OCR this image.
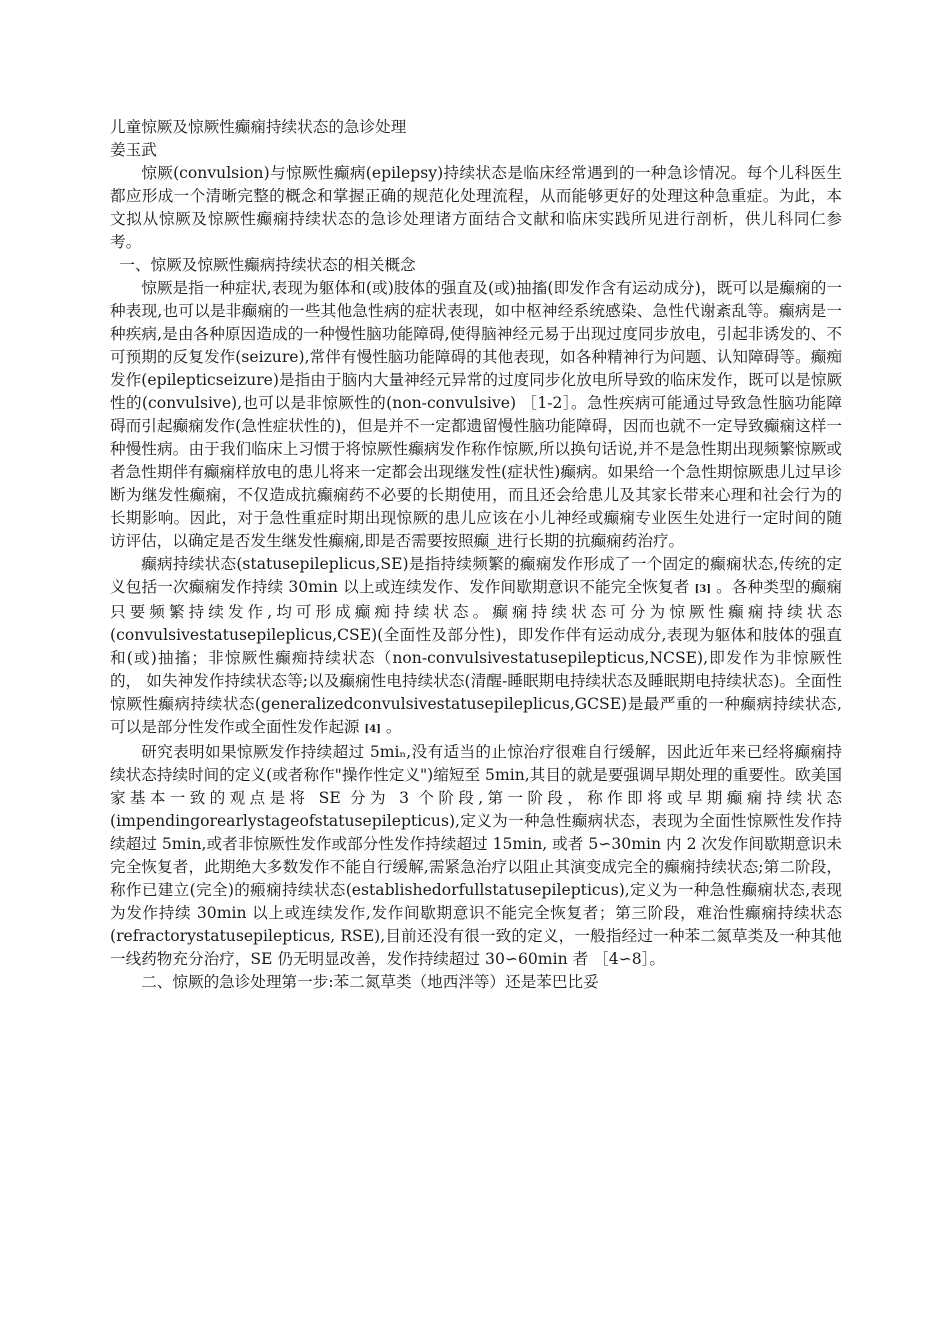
儿童惊厥及惊厥性癫痫持续状态的急诊处理

姜玉武

惊厥(convulsion)与惊厥性癫病(epilepsy)持续状态是临床经常遇到的一种急诊情况。每个儿科医生都应形成一个清晰完整的概念和掌握正确的规范化处理流程，从而能够更好的处理这种急重症。为此，本文拟从惊厥及惊厥性癫痫持续状态的急诊处理诸方面结合文献和临床实践所见进行剖析，供儿科同仁参考。

一、惊厥及惊厥性癫病持续状态的相关概念

惊厥是指一种症状,表现为躯体和(或)肢体的强直及(或)抽搐(即发作含有运动成分)，既可以是癫痫的一种表现,也可以是非癫痫的一些其他急性病的症状表现，如中枢神经系统感染、急性代谢紊乱等。癫病是一种疾病,是由各种原因造成的一种慢性脑功能障碍,使得脑神经元易于出现过度同步放电，引起非诱发的、不可预期的反复发作(seizure),常伴有慢性脑功能障碍的其他表现，如各种精神行为问题、认知障碍等。癫痴发作(epilepticseizure)是指由于脑内大量神经元异常的过度同步化放电所导致的临床发作，既可以是惊厥性的(convulsive),也可以是非惊厥性的(non-convulsive) ［1-2］。急性疾病可能通过导致急性脑功能障碍而引起癫痫发作(急性症状性的)，但是并不一定都遗留慢性脑功能障碍，因而也就不一定导致癫痫这样一种慢性病。由于我们临床上习惯于将惊厥性癫病发作称作惊厥,所以换句话说,并不是急性期出现频繁惊厥或者急性期伴有癫痫样放电的患儿将来一定都会出现继发性(症状性)癫病。如果给一个急性期惊厥患儿过早诊断为继发性癫痫，不仅造成抗癫痫药不必要的长期使用，而且还会给患儿及其家长带来心理和社会行为的长期影响。因此，对于急性重症时期出现惊厥的患儿应该在小儿神经或癫痫专业医生处进行一定时间的随访评估，以确定是否发生继发性癫痫,即是否需要按照癫_进行长期的抗癫痫药治疗。

癫病持续状态(statusepileplicus,SE)是指持续频繁的癫痫发作形成了一个固定的癫痫状态,传统的定义包括一次癫痫发作持续 30min 以上或连续发作、发作间歇期意识不能完全恢复者 [3] 。各种类型的癫痫只要频繁持续发作,均可形成癫痴持续状态。癫痫持续状态可分为惊厥性癫痫持续状态(convulsivestatusepileplicus,CSE)(全面性及部分性)，即发作伴有运动成分,表现为躯体和肢体的强直和(或)抽搐；非惊厥性癫痴持续状态（non-convulsivestatusepilepticus,NCSE),即发作为非惊厥性的， 如失神发作持续状态等;以及癫痫性电持续状态(清醒-睡眠期电持续状态及睡眠期电持续状态)。全面性惊厥性癫病持续状态(generalizedconvulsivestatusepileplicus,GCSE)是最严重的一种癫病持续状态, 可以是部分性发作或全面性发作起源 [4] 。

研究表明如果惊厥发作持续超过 5miₙ,没有适当的止惊治疗很难自行缓解，因此近年来已经将癫痫持续状态持续时间的定义(或者称作"操作性定义")缩短至 5min,其目的就是要强调早期处理的重要性。欧美国家基本一致的观点是将 SE 分为 3 个阶段,第一阶段，称作即将或早期癫痫持续状态(impendingorearlystageofstatusepilepticus),定义为一种急性癫病状态，表现为全面性惊厥性发作持续超过 5min,或者非惊厥性发作或部分性发作持续超过 15min, 或者 5∽30min 内 2 次发作间歇期意识未完全恢复者，此期绝大多数发作不能自行缓解,需紧急治疗以阻止其演变成完全的癫痫持续状态;第二阶段，称作已建立(完全)的瘢痫持续状态(establishedorfullstatusepilepticus),定义为一种急性癫痫状态,表现为发作持续 30min 以上或连续发作,发作间歇期意识不能完全恢复者；第三阶段，难治性癫痫持续状态(refractorystatusepilepticus, RSE),目前还没有很一致的定义，一般指经过一种苯二氮草类及一种其他一线药物充分治疗，SE 仍无明显改善，发作持续超过 30∽60min 者 ［4∽8］。

二、惊厥的急诊处理第一步:苯二氮草类（地西泮等）还是苯巴比妥
